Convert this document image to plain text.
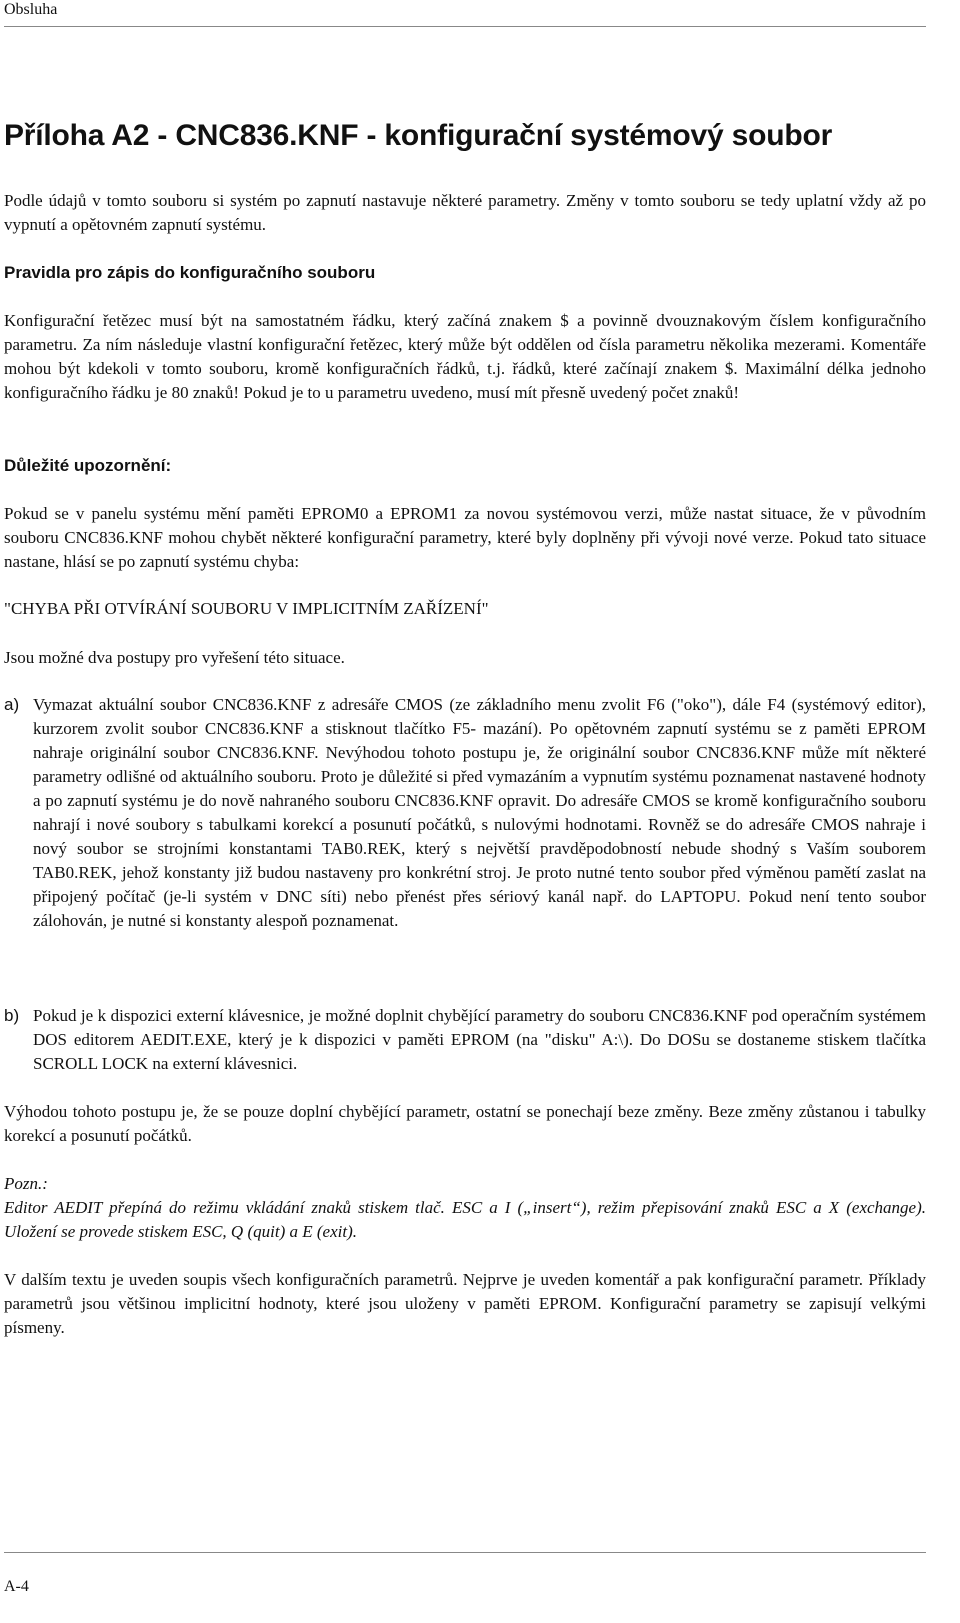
Obsluha
Příloha A2 - CNC836.KNF - konfigurační systémový soubor

Podle údajů v tomto souboru si systém po zapnutí nastavuje některé parametry. Změny v tomto souboru se tedy uplatní vždy až po vypnutí a opětovném zapnutí systému.

Pravidla pro zápis do konfiguračního souboru

Konfigurační řetězec musí být na samostatném řádku, který začíná znakem $ a povinně dvouznakovým číslem konfiguračního parametru. Za ním následuje vlastní konfigurační řetězec, který může být oddělen od čísla parametru několika mezerami. Komentáře mohou být kdekoli v tomto souboru, kromě konfiguračních řádků, t.j. řádků, které začínají znakem $. Maximální délka jednoho konfiguračního řádku je 80 znaků! Pokud je to u parametru uvedeno, musí mít přesně uvedený počet znaků!

Důležité upozornění:

Pokud se v panelu systému mění paměti EPROM0 a EPROM1 za novou systémovou verzi, může nastat situace, že v původním souboru CNC836.KNF mohou chybět některé konfigurační parametry, které byly doplněny při vývoji nové verze. Pokud tato situace nastane, hlásí se po zapnutí systému chyba:

"CHYBA PŘI OTVÍRÁNÍ SOUBORU V IMPLICITNÍM ZAŘÍZENÍ"

Jsou možné dva postupy pro vyřešení této situace.

a) Vymazat aktuální soubor CNC836.KNF z adresáře CMOS (ze základního menu zvolit F6 ("oko"), dále F4 (systémový editor), kurzorem zvolit soubor CNC836.KNF a stisknout tlačítko F5- mazání). Po opětovném zapnutí systému se z paměti EPROM nahraje originální soubor CNC836.KNF. Nevýhodou tohoto postupu je, že originální soubor CNC836.KNF může mít některé parametry odlišné od aktuálního souboru. Proto je důležité si před vymazáním a vypnutím systému poznamenat nastavené hodnoty a po zapnutí systému je do nově nahraného souboru CNC836.KNF opravit. Do adresáře CMOS se kromě konfiguračního souboru nahrají i nové soubory s tabulkami korekcí a posunutí počátků, s nulovými hodnotami. Rovněž se do adresáře CMOS nahraje i nový soubor se strojními konstantami TAB0.REK, který s největší pravděpodobností nebude shodný s Vaším souborem TAB0.REK, jehož konstanty již budou nastaveny pro konkrétní stroj. Je proto nutné tento soubor před výměnou pamětí zaslat na připojený počítač (je-li systém v DNC síti) nebo přenést přes sériový kanál např. do LAPTOPU. Pokud není tento soubor zálohován, je nutné si konstanty alespoň poznamenat.

b) Pokud je k dispozici externí klávesnice, je možné doplnit chybějící parametry do souboru CNC836.KNF pod operačním systémem DOS editorem AEDIT.EXE, který je k dispozici v paměti EPROM (na "disku" A:\). Do DOSu se dostaneme stiskem tlačítka SCROLL LOCK na externí klávesnici.

Výhodou tohoto postupu je, že se pouze doplní chybějící parametr, ostatní se ponechají beze změny. Beze změny zůstanou i tabulky korekcí a posunutí počátků.

Pozn.:

Editor AEDIT přepíná do režimu vkládání znaků stiskem tlač. ESC a I („insert“), režim přepisování znaků ESC a X (exchange). Uložení se provede stiskem ESC, Q (quit) a E (exit).

V dalším textu je uveden soupis všech konfiguračních parametrů. Nejprve je uveden komentář a pak konfigurační parametr. Příklady parametrů jsou většinou implicitní hodnoty, které jsou uloženy v paměti EPROM. Konfigurační parametry se zapisují velkými písmeny.

A-4
